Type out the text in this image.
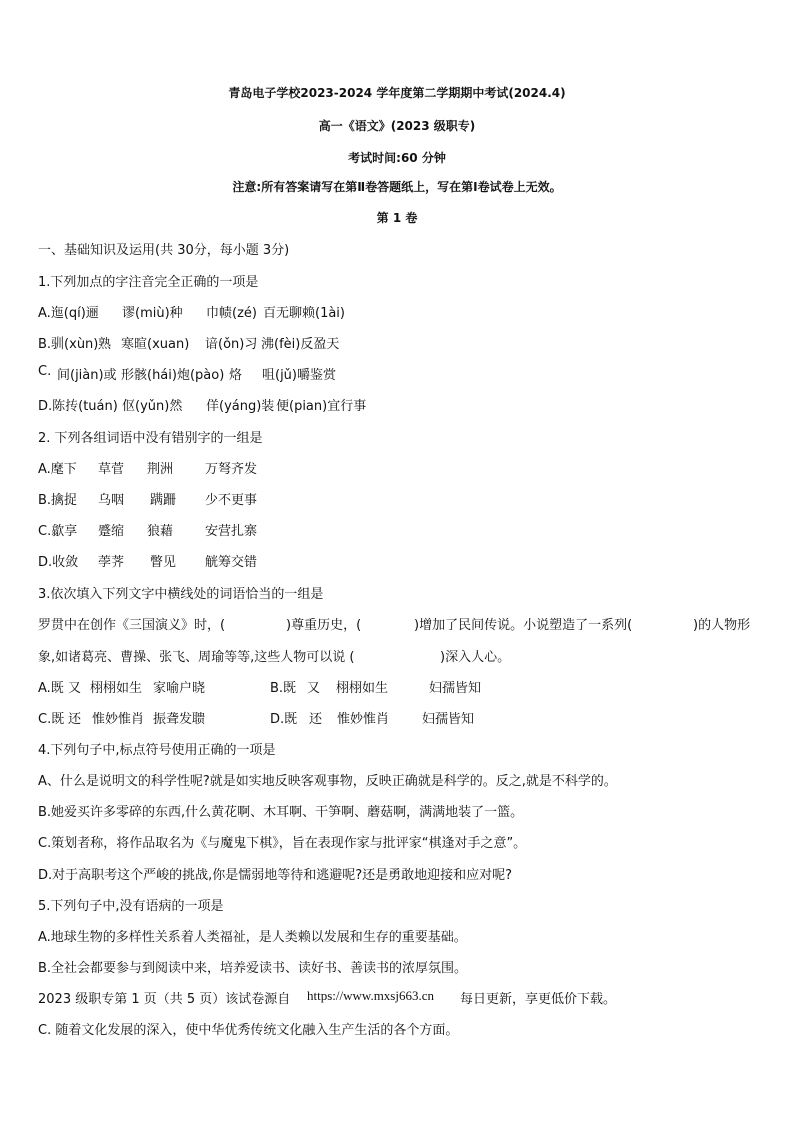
青岛电子学校2023-2024 学年度第二学期期中考试(2024.4)
高一《语文》(2023 级职专)
考试时间:60 分钟
注意:所有答案请写在第Ⅱ卷答题纸上，写在第Ⅰ卷试卷上无效。
第 1 卷
一、基础知识及运用(共 30分，每小题 3分)
1.下列加点的字注音完全正确的一项是
A.迤(qí)逦 谬(miù)种 巾帻(zé) 百无聊赖(1ài)
B.驯(xùn) 熟 寒暄(xuan) 谙(ǒn)习 沸(fèi)反盈天
C. 间(jiàn)或 形骸(hái)炮(pào) 烙 咀(jǔ)嚼鉴赏
D.陈抟(tuán) 伛(yǔn)然 佯(yáng)装 便(pian)宜行事
2. 下列各组词语中没有错别字的一组是
A.麾下 草菅 荆洲 万弩齐发
B.擒捉 乌咽 蹒跚 少不更事
C.歙享 蹙缩 狼藉 安营扎寨
D.收敛 荸荠 瞥见 觥筹交错
3.依次填入下列文字中横线处的词语恰当的一组是
罗贯中在创作《三国演义》时，(	)尊重历史，(	)增加了民间传说。小说塑造了一系列(	)的人物形
象,如诸葛亮、曹操、张飞、周瑜等等,这些人物可以说 (	)深入人心。
A.既 又 栩栩如生 家喻户晓	B.既 又 栩栩如生	妇孺皆知
C.既 还 惟妙惟肖 振聋发聩	D.既 还 惟妙惟肖	妇孺皆知
4.下列句子中,标点符号使用正确的一项是
A、什么是说明文的科学性呢?就是如实地反映客观事物，反映正确就是科学的。反之,就是不科学的。
B.她爱买许多零碎的东西,什么黄花啊、木耳啊、干笋啊、蘑菇啊，满满地装了一篮。
C.策划者称，将作品取名为《与魔鬼下棋》，旨在表现作家与批评家“棋逢对手之意”。
D.对于高职考这个严峻的挑战,你是懦弱地等待和逃避呢?还是勇敢地迎接和应对呢?
5.下列句子中,没有语病的一项是
A.地球生物的多样性关系着人类福祉，是人类赖以发展和生存的重要基础。
B.全社会都要参与到阅读中来，培养爱读书、读好书、善读书的浓厚氛围。
2023 级职专第 1 页（共 5 页）该试卷源自 https://www.mxsj663.cn 每日更新，享更低价下载。
C. 随着文化发展的深入，使中华优秀传统文化融入生产生活的各个方面。
